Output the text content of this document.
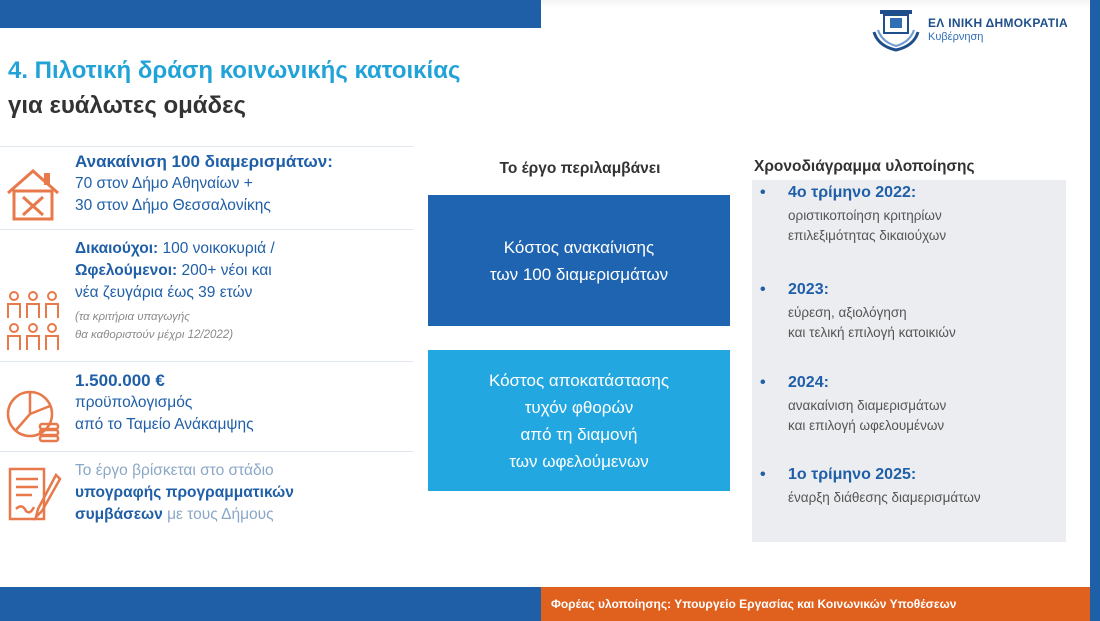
ΕΛ ΙΝΙΚΗ ΔΗΜΟΚΡΑΤΙΑ
Κυβέρνηση
4. Πιλοτική δράση κοινωνικής κατοικίας
για ευάλωτες ομάδες
Ανακαίνιση 100 διαμερισμάτων:
70 στον Δήμο Αθηναίων +
30 στον Δήμο Θεσσαλονίκης
Δικαιούχοι: 100 νοικοκυριά /
Ωφελούμενοι: 200+ νέοι και
νέα ζευγάρια έως 39 ετών
(τα κριτήρια υπαγωγής
θα καθοριστούν μέχρι 12/2022)
1.500.000 €
προϋπολογισμός
από το Ταμείο Ανάκαμψης
Το έργο βρίσκεται στο στάδιο
υπογραφής προγραμματικών
συμβάσεων με τους Δήμους
Το έργο περιλαμβάνει
Κόστος ανακαίνισης
των 100 διαμερισμάτων
Κόστος αποκατάστασης
τυχόν φθορών
από τη διαμονή
των ωφελούμενων
Χρονοδιάγραμμα υλοποίησης
• 4ο τρίμηνο 2022:
οριστικοποίηση κριτηρίων
επιλεξιμότητας δικαιούχων
• 2023:
εύρεση, αξιολόγηση
και τελική επιλογή κατοικιών
• 2024:
ανακαίνιση διαμερισμάτων
και επιλογή ωφελουμένων
• 1ο τρίμηνο 2025:
έναρξη διάθεσης διαμερισμάτων
Φορέας υλοποίησης: Υπουργείο Εργασίας και Κοινωνικών Υποθέσεων
